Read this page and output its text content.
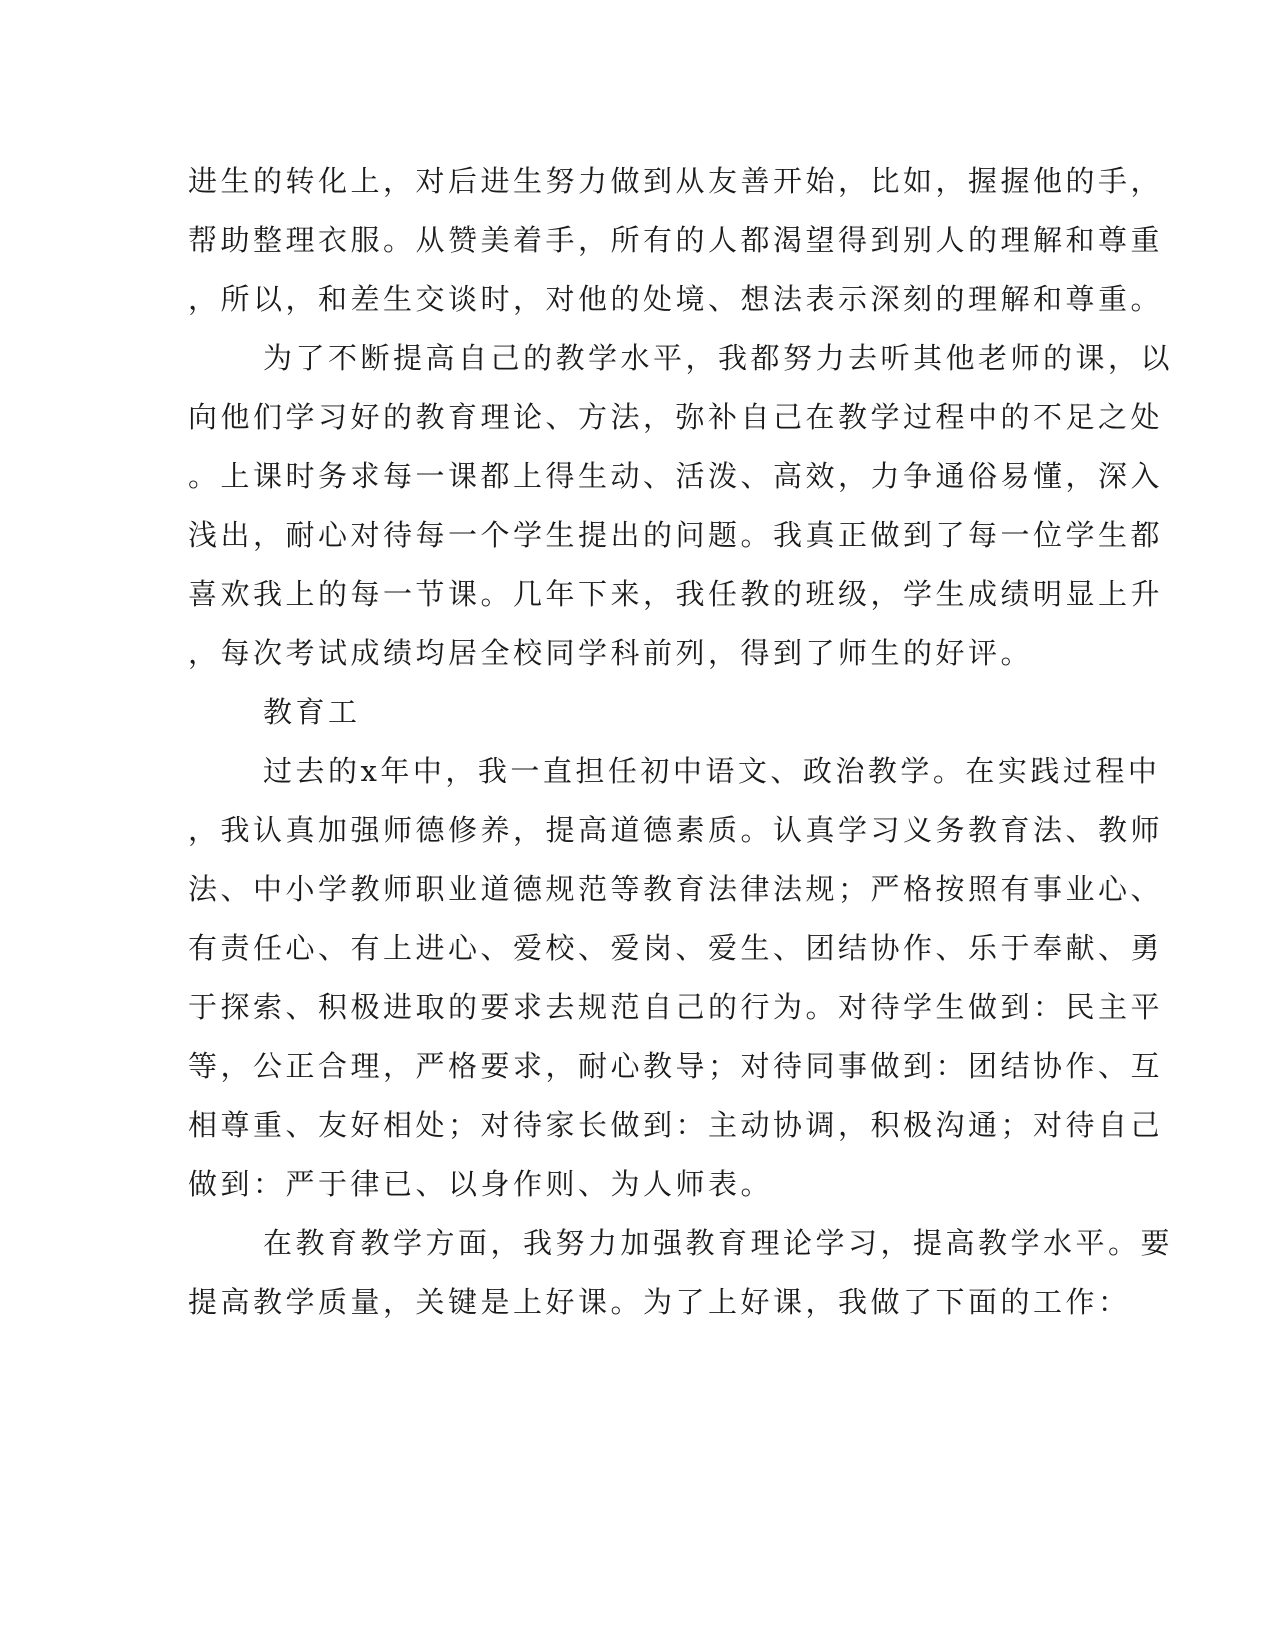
进生的转化上，对后进生努力做到从友善开始，比如，握握他的手，

帮助整理衣服。从赞美着手，所有的人都渴望得到别人的理解和尊重

，所以，和差生交谈时，对他的处境、想法表示深刻的理解和尊重。

为了不断提高自己的教学水平，我都努力去听其他老师的课，以

向他们学习好的教育理论、方法，弥补自己在教学过程中的不足之处

。上课时务求每一课都上得生动、活泼、高效，力争通俗易懂，深入

浅出，耐心对待每一个学生提出的问题。我真正做到了每一位学生都

喜欢我上的每一节课。几年下来，我任教的班级，学生成绩明显上升

，每次考试成绩均居全校同学科前列，得到了师生的好评。

教育工

过去的x年中，我一直担任初中语文、政治教学。在实践过程中

，我认真加强师德修养，提高道德素质。认真学习义务教育法、教师

法、中小学教师职业道德规范等教育法律法规；严格按照有事业心、

有责任心、有上进心、爱校、爱岗、爱生、团结协作、乐于奉献、勇

于探索、积极进取的要求去规范自己的行为。对待学生做到：民主平

等，公正合理，严格要求，耐心教导；对待同事做到：团结协作、互

相尊重、友好相处；对待家长做到：主动协调，积极沟通；对待自己

做到：严于律已、以身作则、为人师表。

在教育教学方面，我努力加强教育理论学习，提高教学水平。要

提高教学质量，关键是上好课。为了上好课，我做了下面的工作：
